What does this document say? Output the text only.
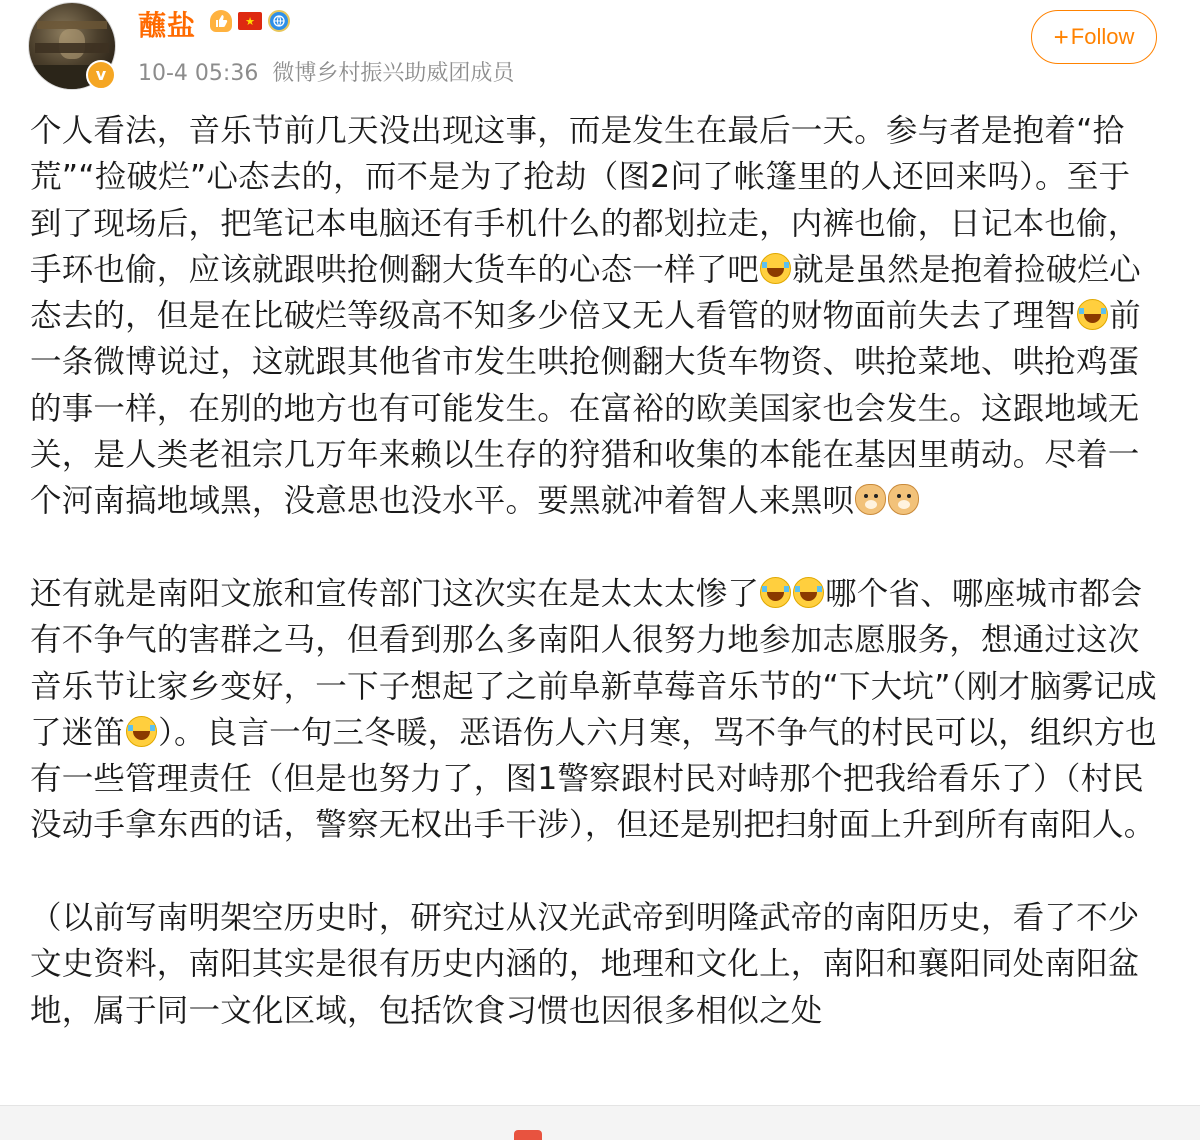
v
蘸盐	★
10-4 05:36 微博乡村振兴助威团成员
+ Follow

个人看法，音乐节前几天没出现这事，而是发生在最后一天。参与者是抱着“拾荒”“捡破烂”心态去的，而不是为了抢劫（图2问了帐篷里的人还回来吗）。至于到了现场后，把笔记本电脑还有手机什么的都划拉走，内裤也偷，日记本也偷，手环也偷，应该就跟哄抢侧翻大货车的心态一样了吧 就是虽然是抱着捡破烂心态去的，但是在比破烂等级高不知多少倍又无人看管的财物面前失去了理智 前一条微博说过，这就跟其他省市发生哄抢侧翻大货车物资、哄抢菜地、哄抢鸡蛋的事一样，在别的地方也有可能发生。在富裕的欧美国家也会发生。这跟地域无关，是人类老祖宗几万年来赖以生存的狩猎和收集的本能在基因里萌动。尽着一个河南搞地域黑，没意思也没水平。要黑就冲着智人来黑呗

还有就是南阳文旅和宣传部门这次实在是太太太惨了 哪个省、哪座城市都会有不争气的害群之马，但看到那么多南阳人很努力地参加志愿服务，想通过这次音乐节让家乡变好，一下子想起了之前阜新草莓音乐节的“下大坑”（刚才脑雾记成了迷笛 ）。良言一句三冬暖，恶语伤人六月寒，骂不争气的村民可以，组织方也有一些管理责任（但是也努力了，图1警察跟村民对峙那个把我给看乐了）（村民没动手拿东西的话，警察无权出手干涉），但还是别把扫射面上升到所有南阳人。

（以前写南明架空历史时，研究过从汉光武帝到明隆武帝的南阳历史，看了不少文史资料，南阳其实是很有历史内涵的，地理和文化上，南阳和襄阳同处南阳盆地，属于同一文化区域，包括饮食习惯也因很多相似之处
